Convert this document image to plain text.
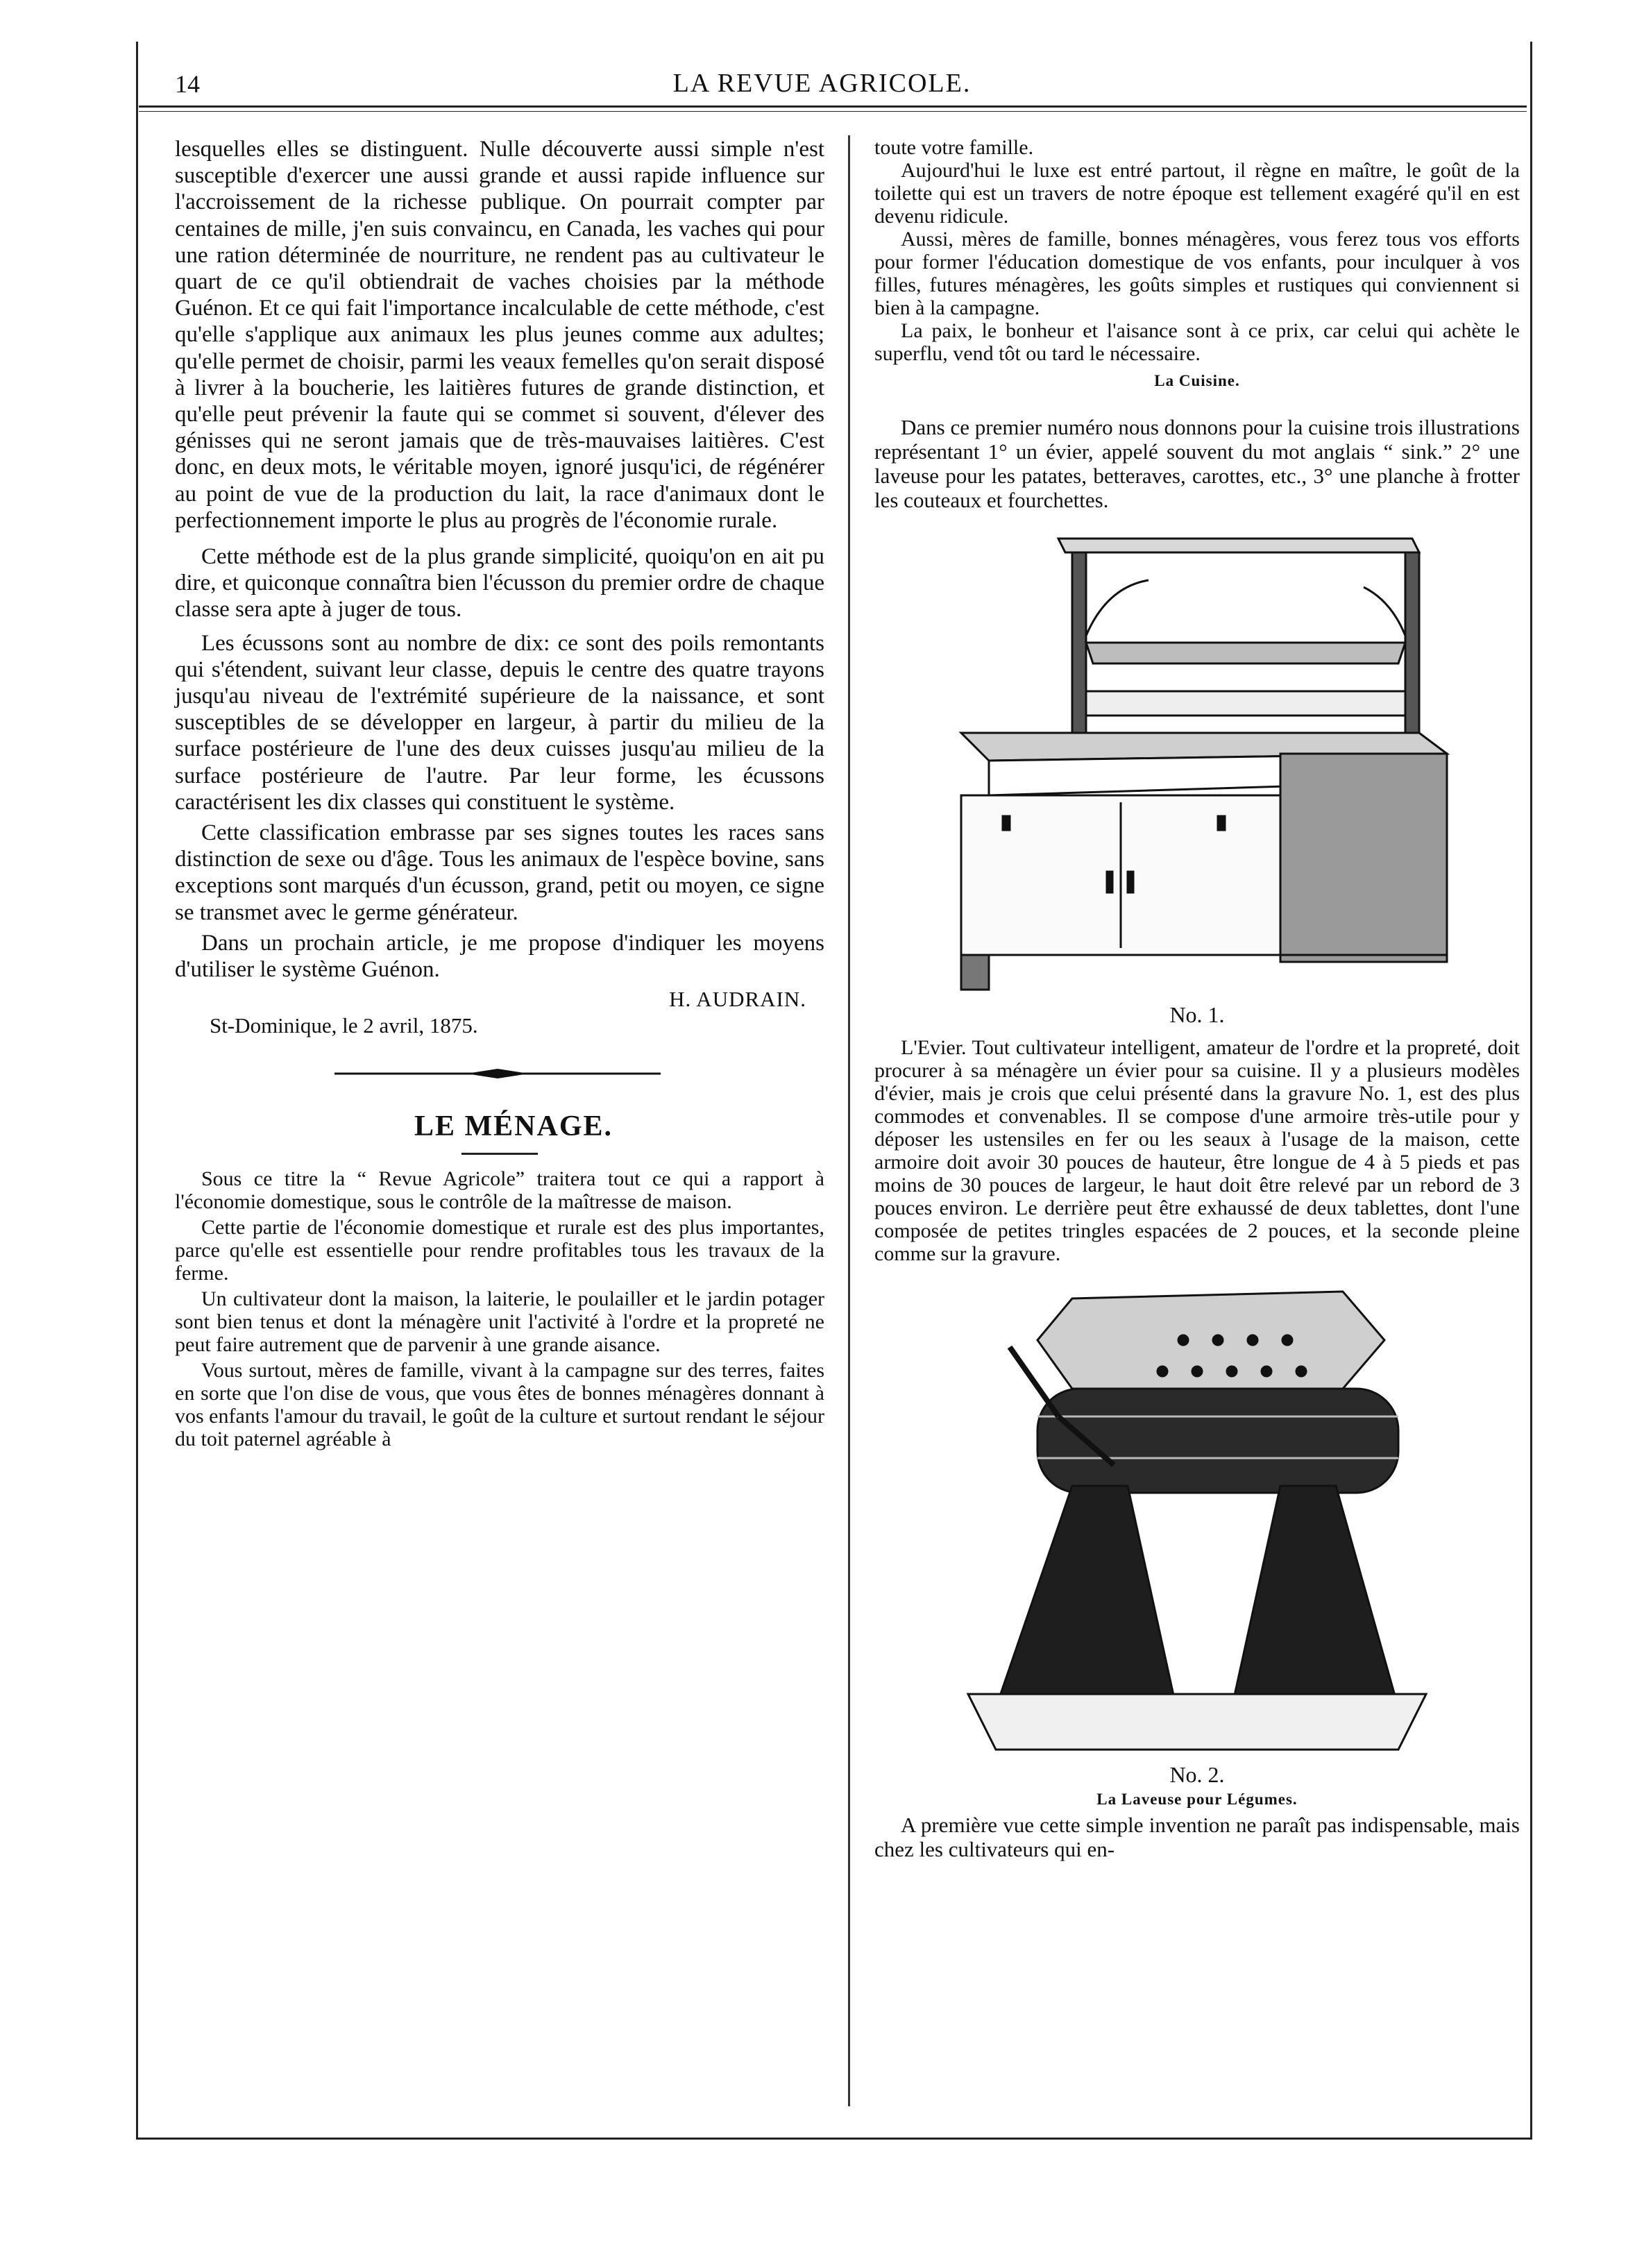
14	LA REVUE AGRICOLE.

lesquelles elles se distinguent. Nulle découverte aussi simple n'est susceptible d'exercer une aussi grande et aussi rapide influence sur l'accroissement de la richesse publique. On pourrait compter par centaines de mille, j'en suis convaincu, en Canada, les vaches qui pour une ration déterminée de nourriture, ne rendent pas au cultivateur le quart de ce qu'il obtiendrait de vaches choisies par la méthode Guénon. Et ce qui fait l'importance incalculable de cette méthode, c'est qu'elle s'applique aux animaux les plus jeunes comme aux adultes; qu'elle permet de choisir, parmi les veaux femelles qu'on serait disposé à livrer à la boucherie, les laitières futures de grande distinction, et qu'elle peut prévenir la faute qui se commet si souvent, d'élever des génisses qui ne seront jamais que de très-mauvaises laitières. C'est donc, en deux mots, le véritable moyen, ignoré jusqu'ici, de régénérer au point de vue de la production du lait, la race d'animaux dont le perfectionnement importe le plus au progrès de l'économie rurale.

Cette méthode est de la plus grande simplicité, quoiqu'on en ait pu dire, et quiconque connaîtra bien l'écusson du premier ordre de chaque classe sera apte à juger de tous.

Les écussons sont au nombre de dix: ce sont des poils remontants qui s'étendent, suivant leur classe, depuis le centre des quatre trayons jusqu'au niveau de l'extrémité supérieure de la naissance, et sont susceptibles de se développer en largeur, à partir du milieu de la surface postérieure de l'une des deux cuisses jusqu'au milieu de la surface postérieure de l'autre. Par leur forme, les écussons caractérisent les dix classes qui constituent le système.

Cette classification embrasse par ses signes toutes les races sans distinction de sexe ou d'âge. Tous les animaux de l'espèce bovine, sans exceptions sont marqués d'un écusson, grand, petit ou moyen, ce signe se transmet avec le germe générateur.

Dans un prochain article, je me propose d'indiquer les moyens d'utiliser le système Guénon.

H. AUDRAIN.
St-Dominique, le 2 avril, 1875.
LE MÉNAGE.

Sous ce titre la “ Revue Agricole” traitera tout ce qui a rapport à l'économie domestique, sous le contrôle de la maîtresse de maison.

Cette partie de l'économie domestique et rurale est des plus importantes, parce qu'elle est essentielle pour rendre profitables tous les travaux de la ferme.

Un cultivateur dont la maison, la laiterie, le poulailler et le jardin potager sont bien tenus et dont la ménagère unit l'activité à l'ordre et la propreté ne peut faire autrement que de parvenir à une grande aisance.

Vous surtout, mères de famille, vivant à la campagne sur des terres, faites en sorte que l'on dise de vous, que vous êtes de bonnes ménagères donnant à vos enfants l'amour du travail, le goût de la culture et surtout rendant le séjour du toit paternel agréable à

toute votre famille.

Aujourd'hui le luxe est entré partout, il règne en maître, le goût de la toilette qui est un travers de notre époque est tellement exagéré qu'il en est devenu ridicule.

Aussi, mères de famille, bonnes ménagères, vous ferez tous vos efforts pour former l'éducation domestique de vos enfants, pour inculquer à vos filles, futures ménagères, les goûts simples et rustiques qui conviennent si bien à la campagne.

La paix, le bonheur et l'aisance sont à ce prix, car celui qui achète le superflu, vend tôt ou tard le nécessaire.

La Cuisine.

Dans ce premier numéro nous donnons pour la cuisine trois illustrations représentant 1° un évier, appelé souvent du mot anglais “ sink.” 2° une laveuse pour les patates, betteraves, carottes, etc., 3° une planche à frotter les couteaux et fourchettes.

No. 1.

L'Evier. Tout cultivateur intelligent, amateur de l'ordre et la propreté, doit procurer à sa ménagère un évier pour sa cuisine. Il y a plusieurs modèles d'évier, mais je crois que celui présenté dans la gravure No. 1, est des plus commodes et convenables. Il se compose d'une armoire très-utile pour y déposer les ustensiles en fer ou les seaux à l'usage de la maison, cette armoire doit avoir 30 pouces de hauteur, être longue de 4 à 5 pieds et pas moins de 30 pouces de largeur, le haut doit être relevé par un rebord de 3 pouces environ. Le derrière peut être exhaussé de deux tablettes, dont l'une composée de petites tringles espacées de 2 pouces, et la seconde pleine comme sur la gravure.

No. 2.
La Laveuse pour Légumes.

A première vue cette simple invention ne paraît pas indispensable, mais chez les cultivateurs qui en-
